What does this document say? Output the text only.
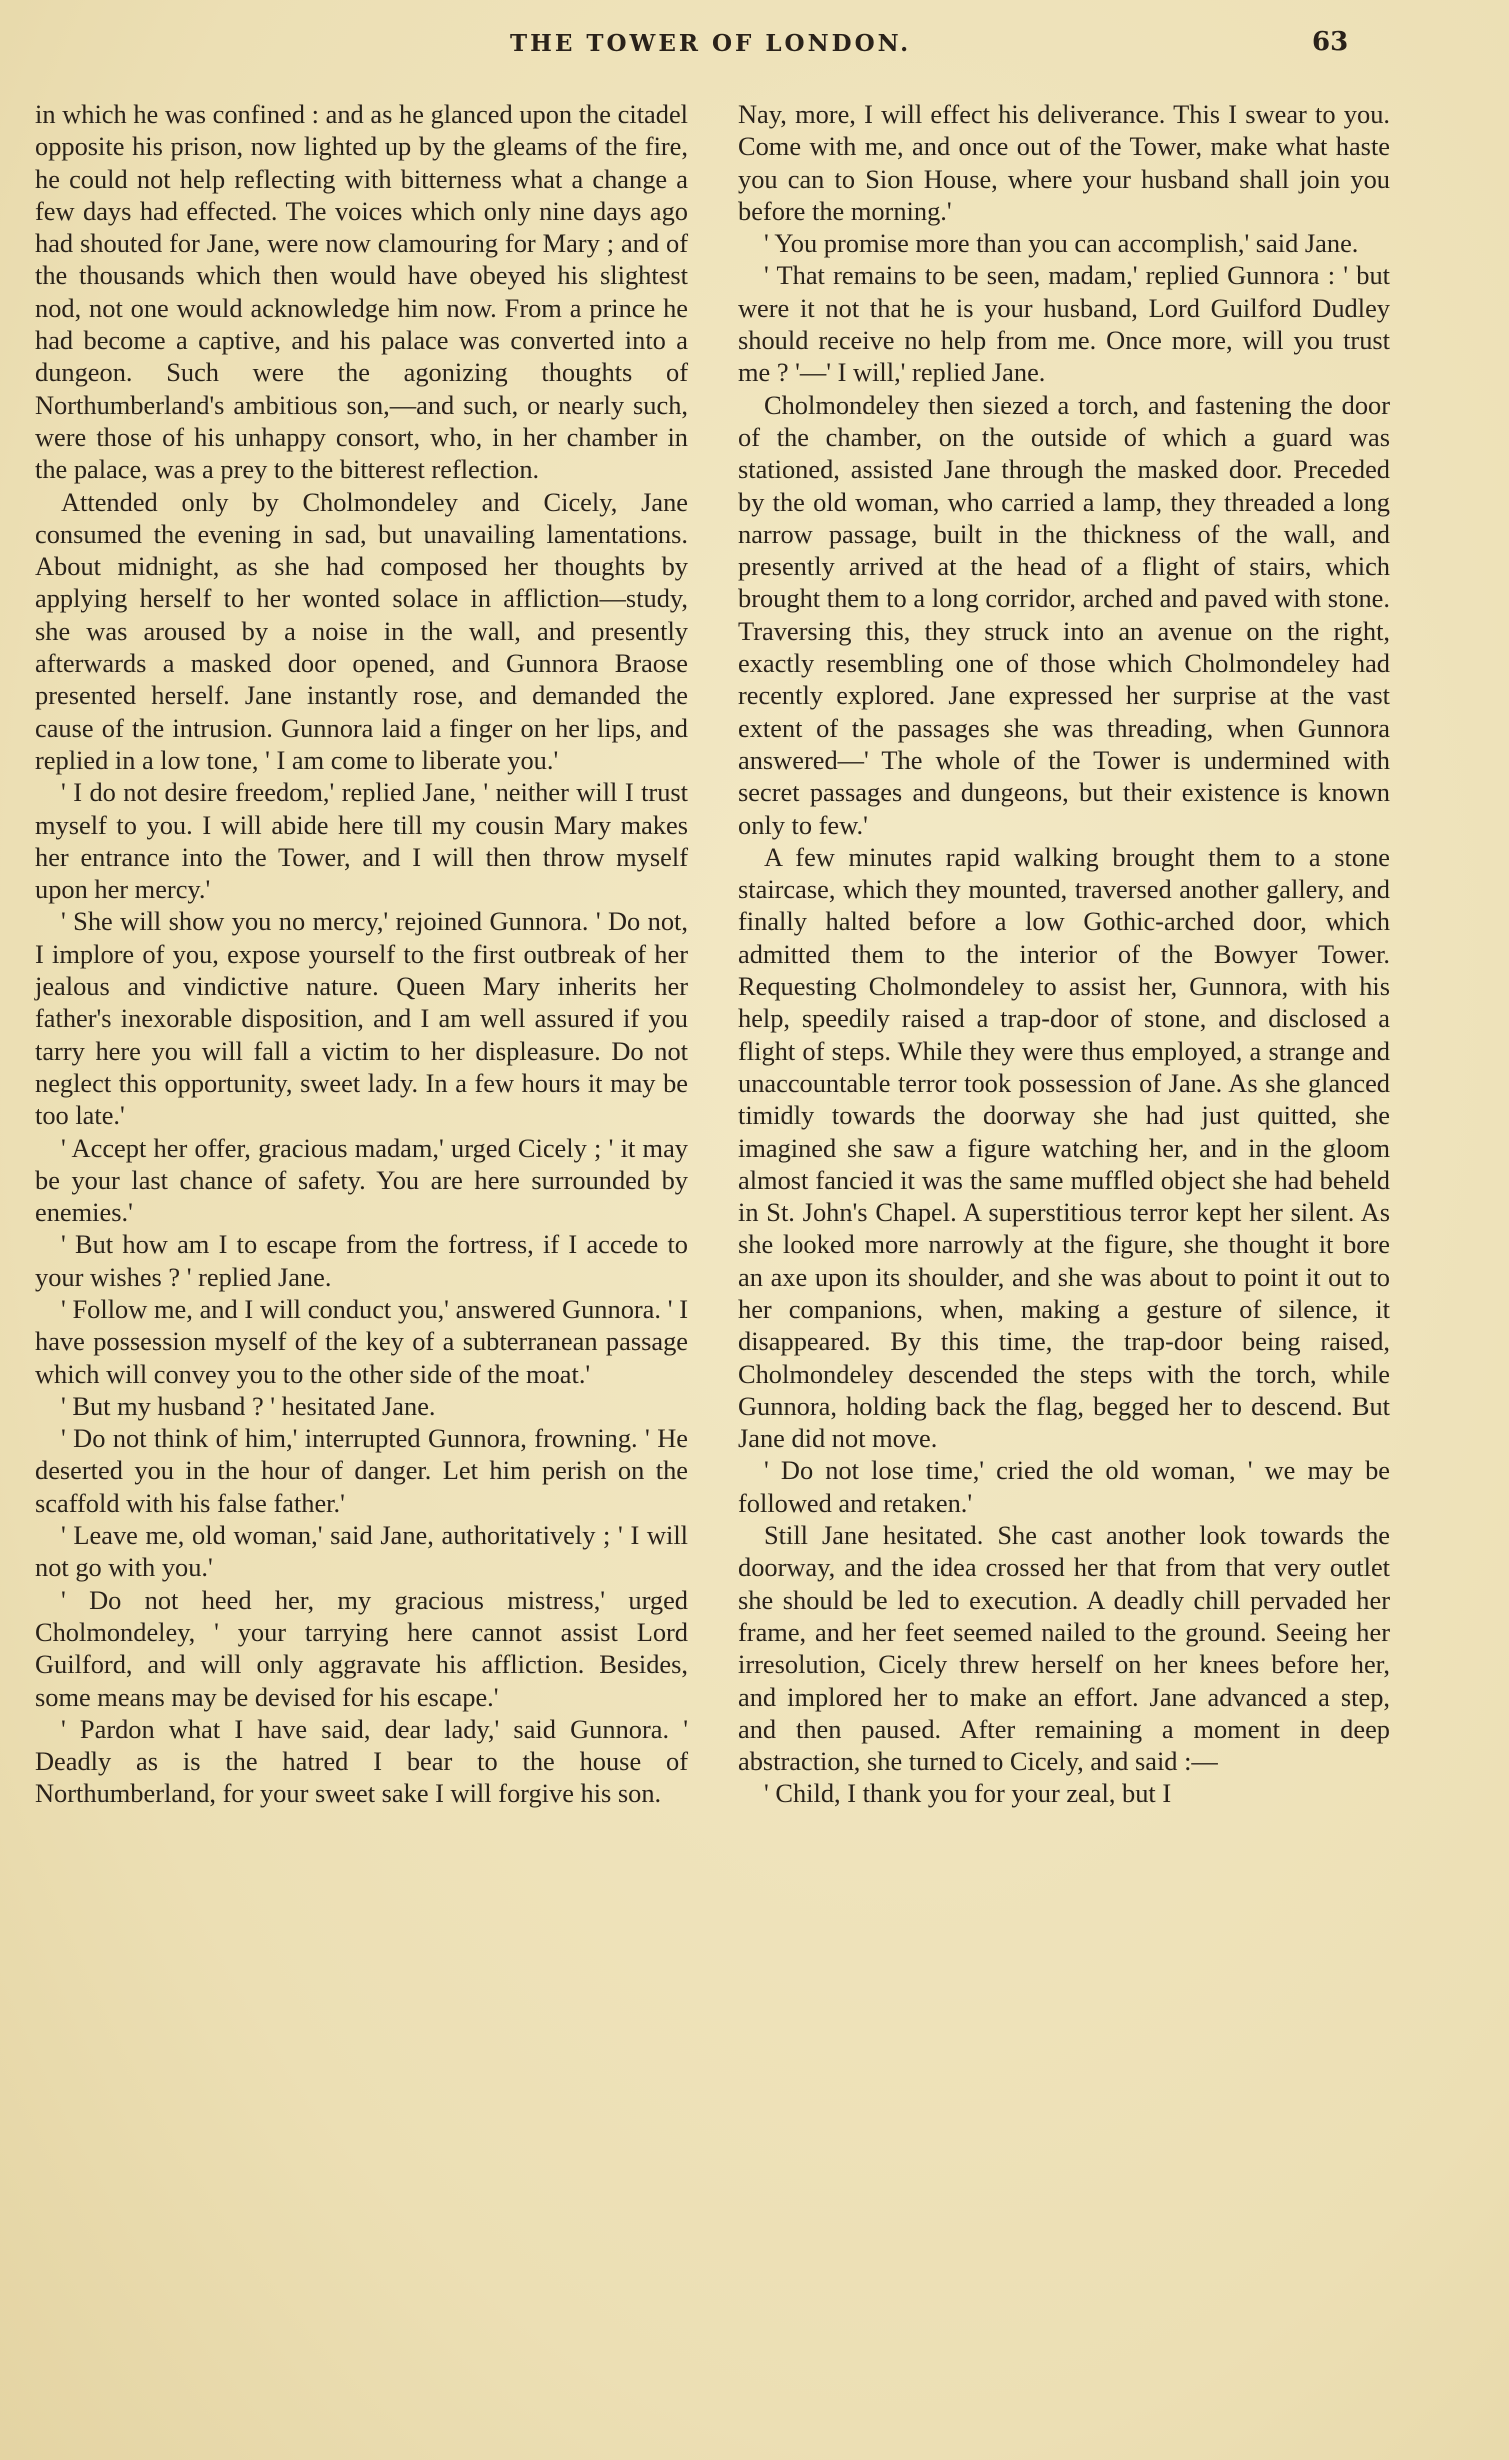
THE TOWER OF LONDON.	63

in which he was confined : and as he glanced upon the citadel opposite his prison, now lighted up by the gleams of the fire, he could not help reflecting with bitterness what a change a few days had effected. The voices which only nine days ago had shouted for Jane, were now clamouring for Mary ; and of the thousands which then would have obeyed his slightest nod, not one would acknowledge him now. From a prince he had become a captive, and his palace was converted into a dungeon. Such were the agonizing thoughts of Northumberland's ambitious son,—and such, or nearly such, were those of his unhappy consort, who, in her chamber in the palace, was a prey to the bitterest reflection.

Attended only by Cholmondeley and Cicely, Jane consumed the evening in sad, but unavailing lamentations. About midnight, as she had composed her thoughts by applying herself to her wonted solace in affliction—study, she was aroused by a noise in the wall, and presently afterwards a masked door opened, and Gunnora Braose presented herself. Jane instantly rose, and demanded the cause of the intrusion. Gunnora laid a finger on her lips, and replied in a low tone, ' I am come to liberate you.'

' I do not desire freedom,' replied Jane, ' neither will I trust myself to you. I will abide here till my cousin Mary makes her entrance into the Tower, and I will then throw myself upon her mercy.'

' She will show you no mercy,' rejoined Gunnora. ' Do not, I implore of you, expose yourself to the first outbreak of her jealous and vindictive nature. Queen Mary inherits her father's inexorable disposition, and I am well assured if you tarry here you will fall a victim to her displeasure. Do not neglect this opportunity, sweet lady. In a few hours it may be too late.'

' Accept her offer, gracious madam,' urged Cicely ; ' it may be your last chance of safety. You are here surrounded by enemies.'

' But how am I to escape from the fortress, if I accede to your wishes ? ' replied Jane.

' Follow me, and I will conduct you,' answered Gunnora. ' I have possession myself of the key of a subterranean passage which will convey you to the other side of the moat.'

' But my husband ? ' hesitated Jane.

' Do not think of him,' interrupted Gunnora, frowning. ' He deserted you in the hour of danger. Let him perish on the scaffold with his false father.'

' Leave me, old woman,' said Jane, authoritatively ; ' I will not go with you.'

' Do not heed her, my gracious mistress,' urged Cholmondeley, ' your tarrying here cannot assist Lord Guilford, and will only aggravate his affliction. Besides, some means may be devised for his escape.'

' Pardon what I have said, dear lady,' said Gunnora. ' Deadly as is the hatred I bear to the house of Northumberland, for your sweet sake I will forgive his son.

Nay, more, I will effect his deliverance. This I swear to you. Come with me, and once out of the Tower, make what haste you can to Sion House, where your husband shall join you before the morning.'

' You promise more than you can accomplish,' said Jane.

' That remains to be seen, madam,' replied Gunnora : ' but were it not that he is your husband, Lord Guilford Dudley should receive no help from me. Once more, will you trust me ? '—' I will,' replied Jane.

Cholmondeley then siezed a torch, and fastening the door of the chamber, on the outside of which a guard was stationed, assisted Jane through the masked door. Preceded by the old woman, who carried a lamp, they threaded a long narrow passage, built in the thickness of the wall, and presently arrived at the head of a flight of stairs, which brought them to a long corridor, arched and paved with stone. Traversing this, they struck into an avenue on the right, exactly resembling one of those which Cholmondeley had recently explored. Jane expressed her surprise at the vast extent of the passages she was threading, when Gunnora answered—' The whole of the Tower is undermined with secret passages and dungeons, but their existence is known only to few.'

A few minutes rapid walking brought them to a stone staircase, which they mounted, traversed another gallery, and finally halted before a low Gothic-arched door, which admitted them to the interior of the Bowyer Tower. Requesting Cholmondeley to assist her, Gunnora, with his help, speedily raised a trap-door of stone, and disclosed a flight of steps. While they were thus employed, a strange and unaccountable terror took possession of Jane. As she glanced timidly towards the doorway she had just quitted, she imagined she saw a figure watching her, and in the gloom almost fancied it was the same muffled object she had beheld in St. John's Chapel. A superstitious terror kept her silent. As she looked more narrowly at the figure, she thought it bore an axe upon its shoulder, and she was about to point it out to her companions, when, making a gesture of silence, it disappeared. By this time, the trap-door being raised, Cholmondeley descended the steps with the torch, while Gunnora, holding back the flag, begged her to descend. But Jane did not move.

' Do not lose time,' cried the old woman, ' we may be followed and retaken.'

Still Jane hesitated. She cast another look towards the doorway, and the idea crossed her that from that very outlet she should be led to execution. A deadly chill pervaded her frame, and her feet seemed nailed to the ground. Seeing her irresolution, Cicely threw herself on her knees before her, and implored her to make an effort. Jane advanced a step, and then paused. After remaining a moment in deep abstraction, she turned to Cicely, and said :—

' Child, I thank you for your zeal, but I
